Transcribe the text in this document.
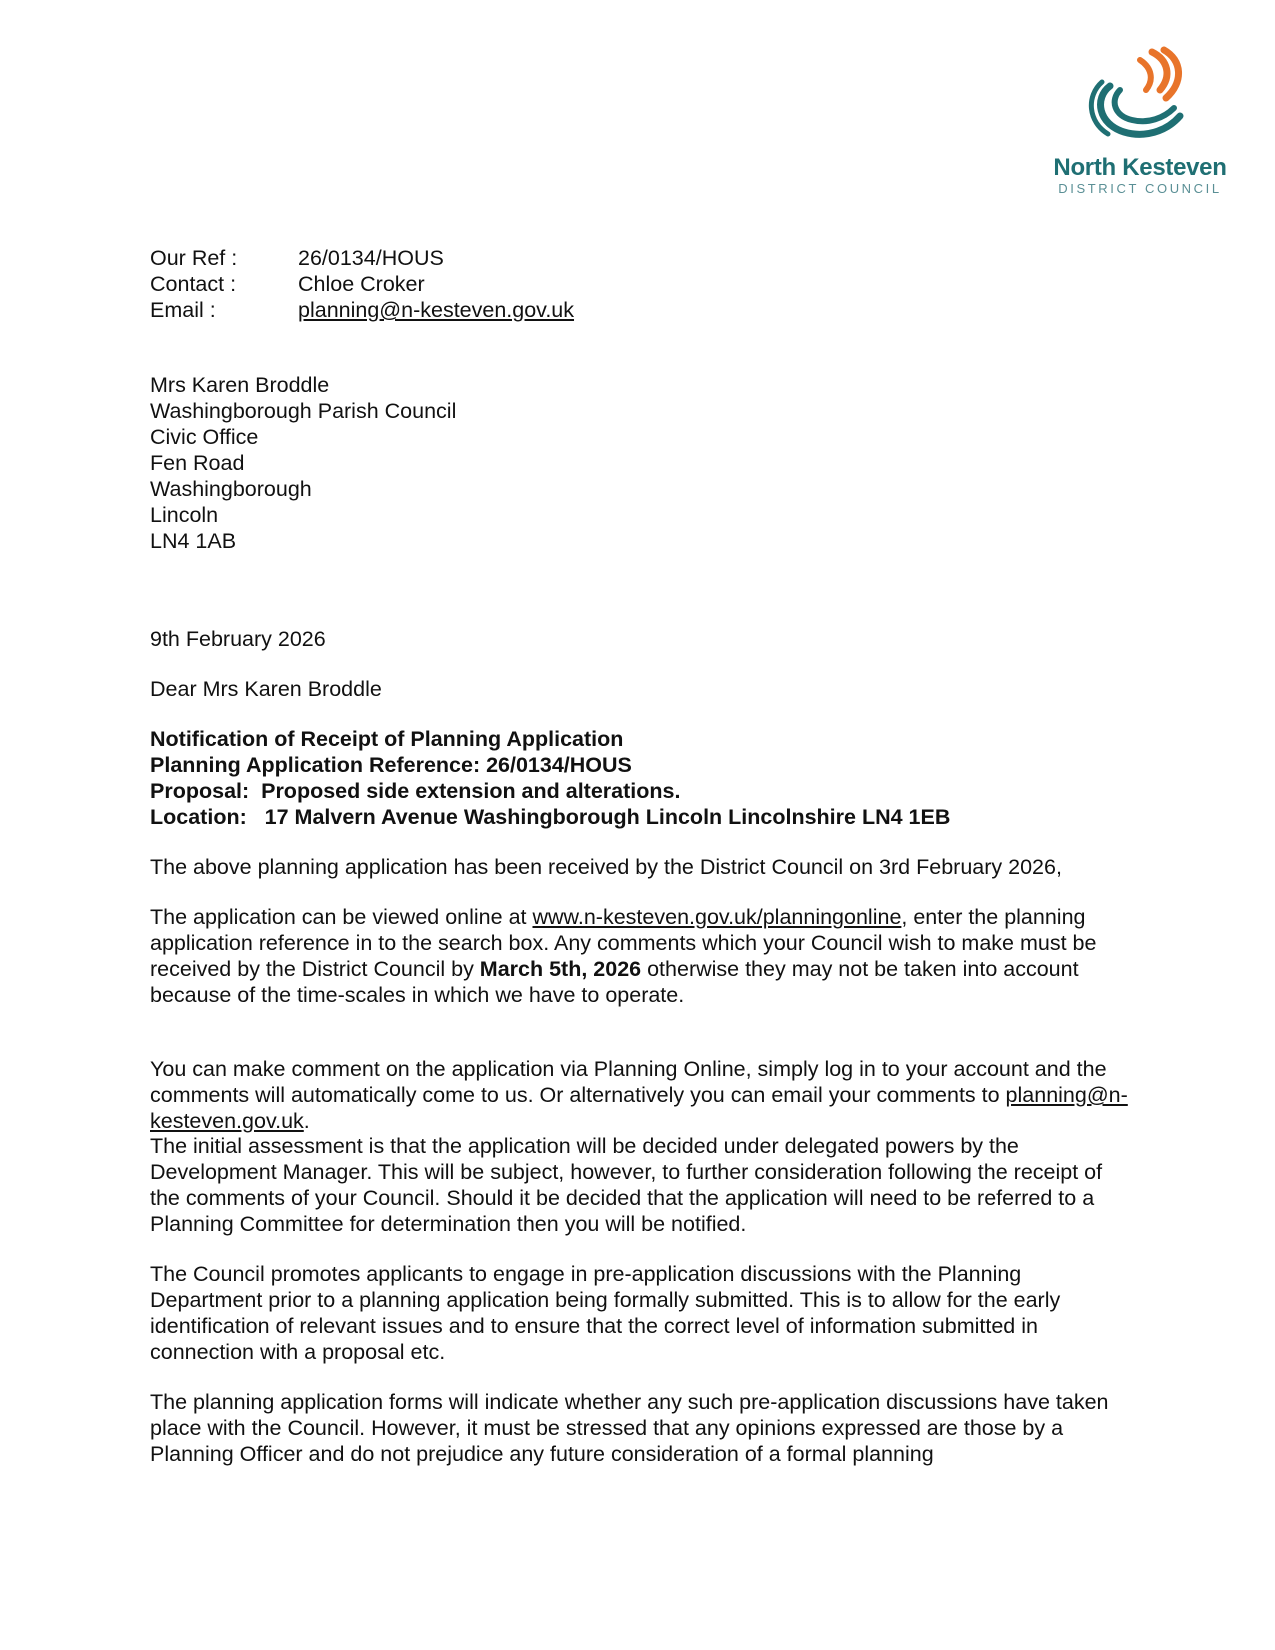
North Kesteven
DISTRICT COUNCIL
Our Ref :	26/0134/HOUS
Contact :	Chloe Croker
Email :	planning@n-kesteven.gov.uk
Mrs Karen Broddle
Washingborough Parish Council
Civic Office
Fen Road
Washingborough
Lincoln
LN4 1AB
9th February 2026
Dear Mrs Karen Broddle
Notification of Receipt of Planning Application
Planning Application Reference: 26/0134/HOUS
Proposal:  Proposed side extension and alterations.
Location:   17 Malvern Avenue Washingborough Lincoln Lincolnshire LN4 1EB
The above planning application has been received by the District Council on 3rd February 2026,
The application can be viewed online at www.n-kesteven.gov.uk/planningonline, enter the planning application reference in to the search box. Any comments which your Council wish to make must be received by the District Council by March 5th, 2026 otherwise they may not be taken into account because of the time-scales in which we have to operate.
You can make comment on the application via Planning Online, simply log in to your account and the comments will automatically come to us. Or alternatively you can email your comments to planning@n-kesteven.gov.uk.
The initial assessment is that the application will be decided under delegated powers by the Development Manager. This will be subject, however, to further consideration following the receipt of the comments of your Council. Should it be decided that the application will need to be referred to a Planning Committee for determination then you will be notified.
The Council promotes applicants to engage in pre-application discussions with the Planning Department prior to a planning application being formally submitted. This is to allow for the early identification of relevant issues and to ensure that the correct level of information submitted in connection with a proposal etc.
The planning application forms will indicate whether any such pre-application discussions have taken place with the Council. However, it must be stressed that any opinions expressed are those by a Planning Officer and do not prejudice any future consideration of a formal planning
